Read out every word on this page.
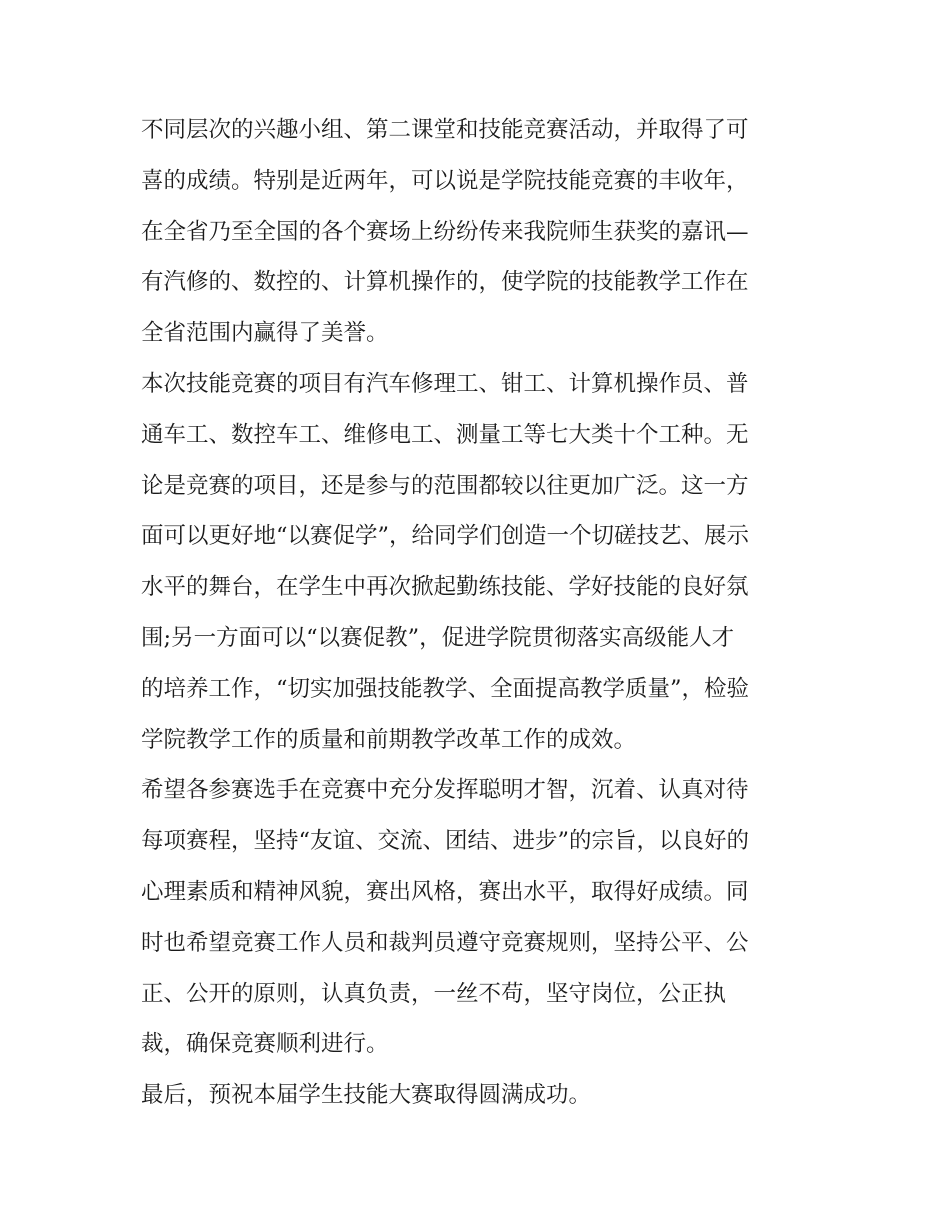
不同层次的兴趣小组、第二课堂和技能竞赛活动，并取得了可
喜的成绩。特别是近两年，可以说是学院技能竞赛的丰收年，
在全省乃至全国的各个赛场上纷纷传来我院师生获奖的嘉讯—
有汽修的、数控的、计算机操作的，使学院的技能教学工作在
全省范围内赢得了美誉。
本次技能竞赛的项目有汽车修理工、钳工、计算机操作员、普
通车工、数控车工、维修电工、测量工等七大类十个工种。无
论是竞赛的项目，还是参与的范围都较以往更加广泛。这一方
面可以更好地“以赛促学”，给同学们创造一个切磋技艺、展示
水平的舞台，在学生中再次掀起勤练技能、学好技能的良好氛
围;另一方面可以“以赛促教”，促进学院贯彻落实高级能人才
的培养工作，“切实加强技能教学、全面提高教学质量”，检验
学院教学工作的质量和前期教学改革工作的成效。
希望各参赛选手在竞赛中充分发挥聪明才智，沉着、认真对待
每项赛程，坚持“友谊、交流、团结、进步”的宗旨，以良好的
心理素质和精神风貌，赛出风格，赛出水平，取得好成绩。同
时也希望竞赛工作人员和裁判员遵守竞赛规则，坚持公平、公
正、公开的原则，认真负责，一丝不苟，坚守岗位，公正执
裁，确保竞赛顺利进行。
最后，预祝本届学生技能大赛取得圆满成功。
